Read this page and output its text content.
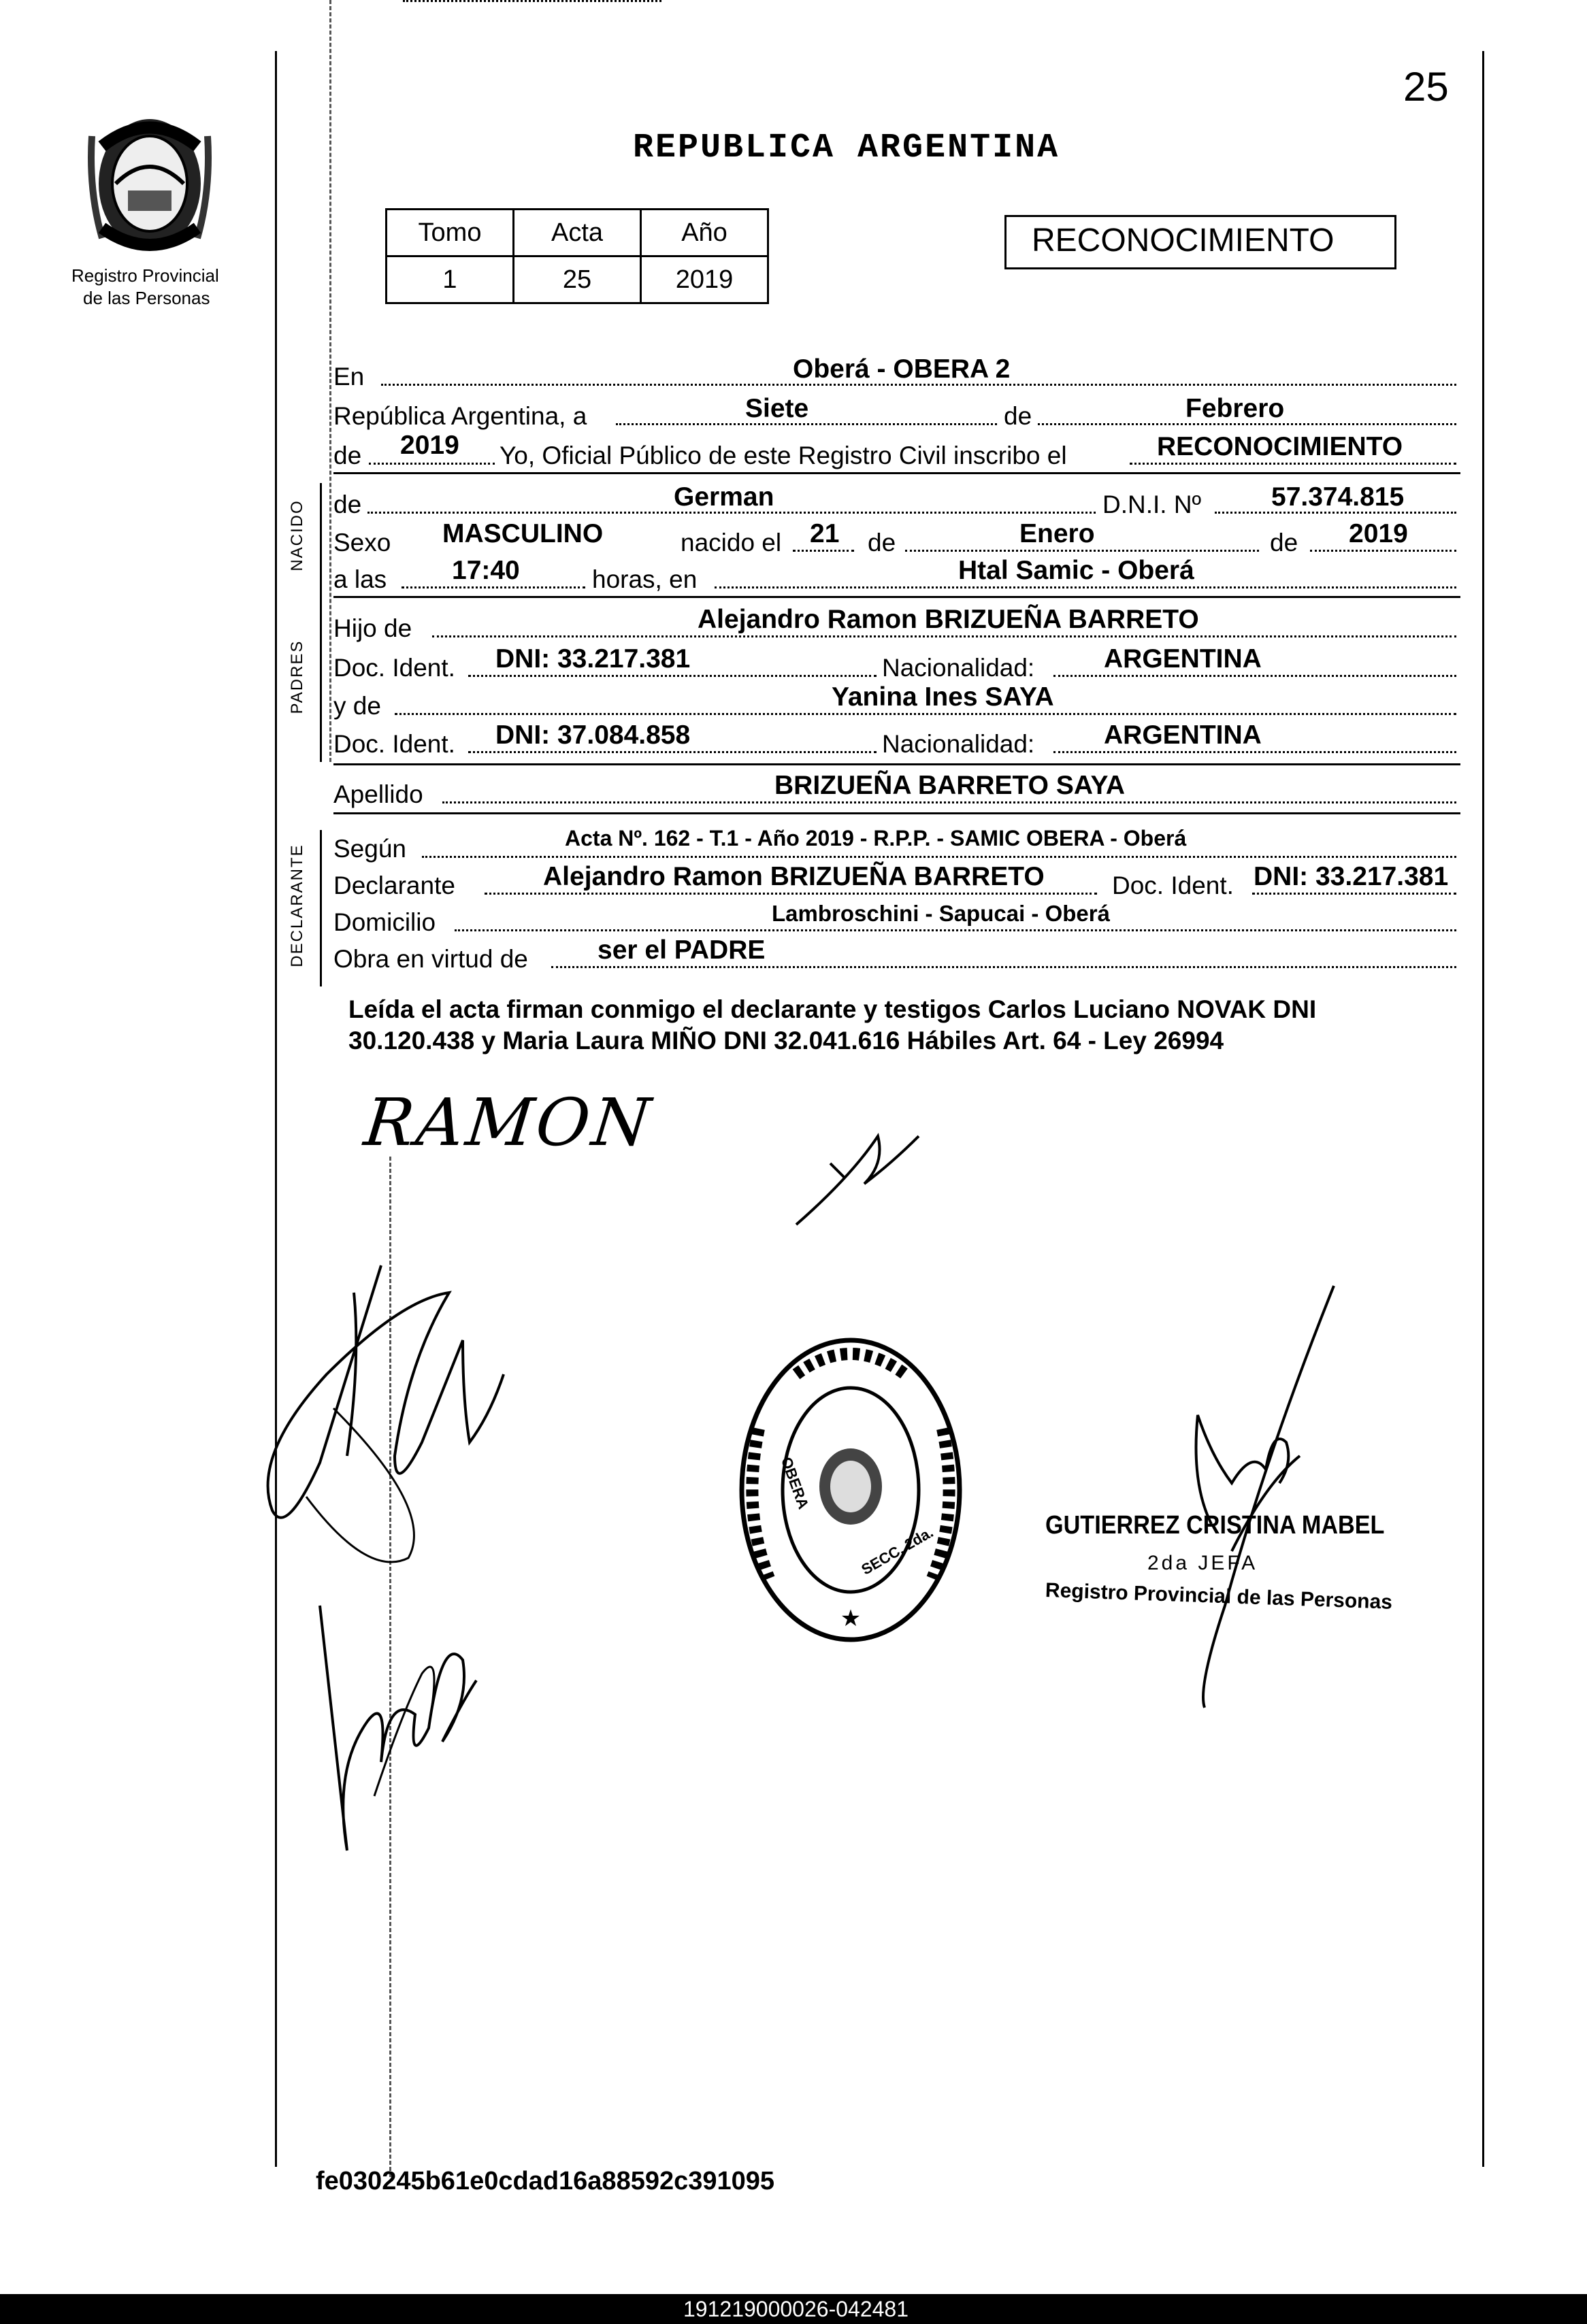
25
Registro Provincial
de las Personas
REPUBLICA ARGENTINA
Tomo	Acta	Año
1	25	2019
RECONOCIMIENTO
En	Oberá - OBERA 2
República Argentina, a	Siete	de	Febrero
de 2019 Yo, Oficial Público de este Registro Civil inscribo el	RECONOCIMIENTO
NACIDO de	German	D.N.I. Nº	57.374.815
Sexo MASCULINO	nacido el 21 de	Enero	de 2019
a las 17:40	horas, en	Htal Samic - Oberá
PADRES
Hijo de	Alejandro Ramon BRIZUEÑA BARRETO
Doc. Ident. DNI: 33.217.381	Nacionalidad:	ARGENTINA
y de	Yanina Ines SAYA
Doc. Ident. DNI: 37.084.858	Nacionalidad:	ARGENTINA
Apellido	BRIZUEÑA BARRETO SAYA
DECLARANTE Según	Acta Nº. 162 - T.1 - Año 2019 - R.P.P. - SAMIC OBERA - Oberá
Declarante	Alejandro Ramon BRIZUEÑA BARRETO	Doc. Ident. DNI: 33.217.381
Domicilio	Lambroschini - Sapucai - Oberá
Obra en virtud de	ser el PADRE
Leída el acta firman conmigo el declarante y testigos Carlos Luciano NOVAK DNI
30.120.438 y Maria Laura MIÑO DNI 32.041.616 Hábiles Art. 64 - Ley 26994
RAMON
★
OBERA
SECC. 2da.	GUTIERREZ CRISTINA MABEL
2da JEFA
Registro Provincial de las Personas
fe030245b61e0cdad16a88592c391095
191219000026-042481
